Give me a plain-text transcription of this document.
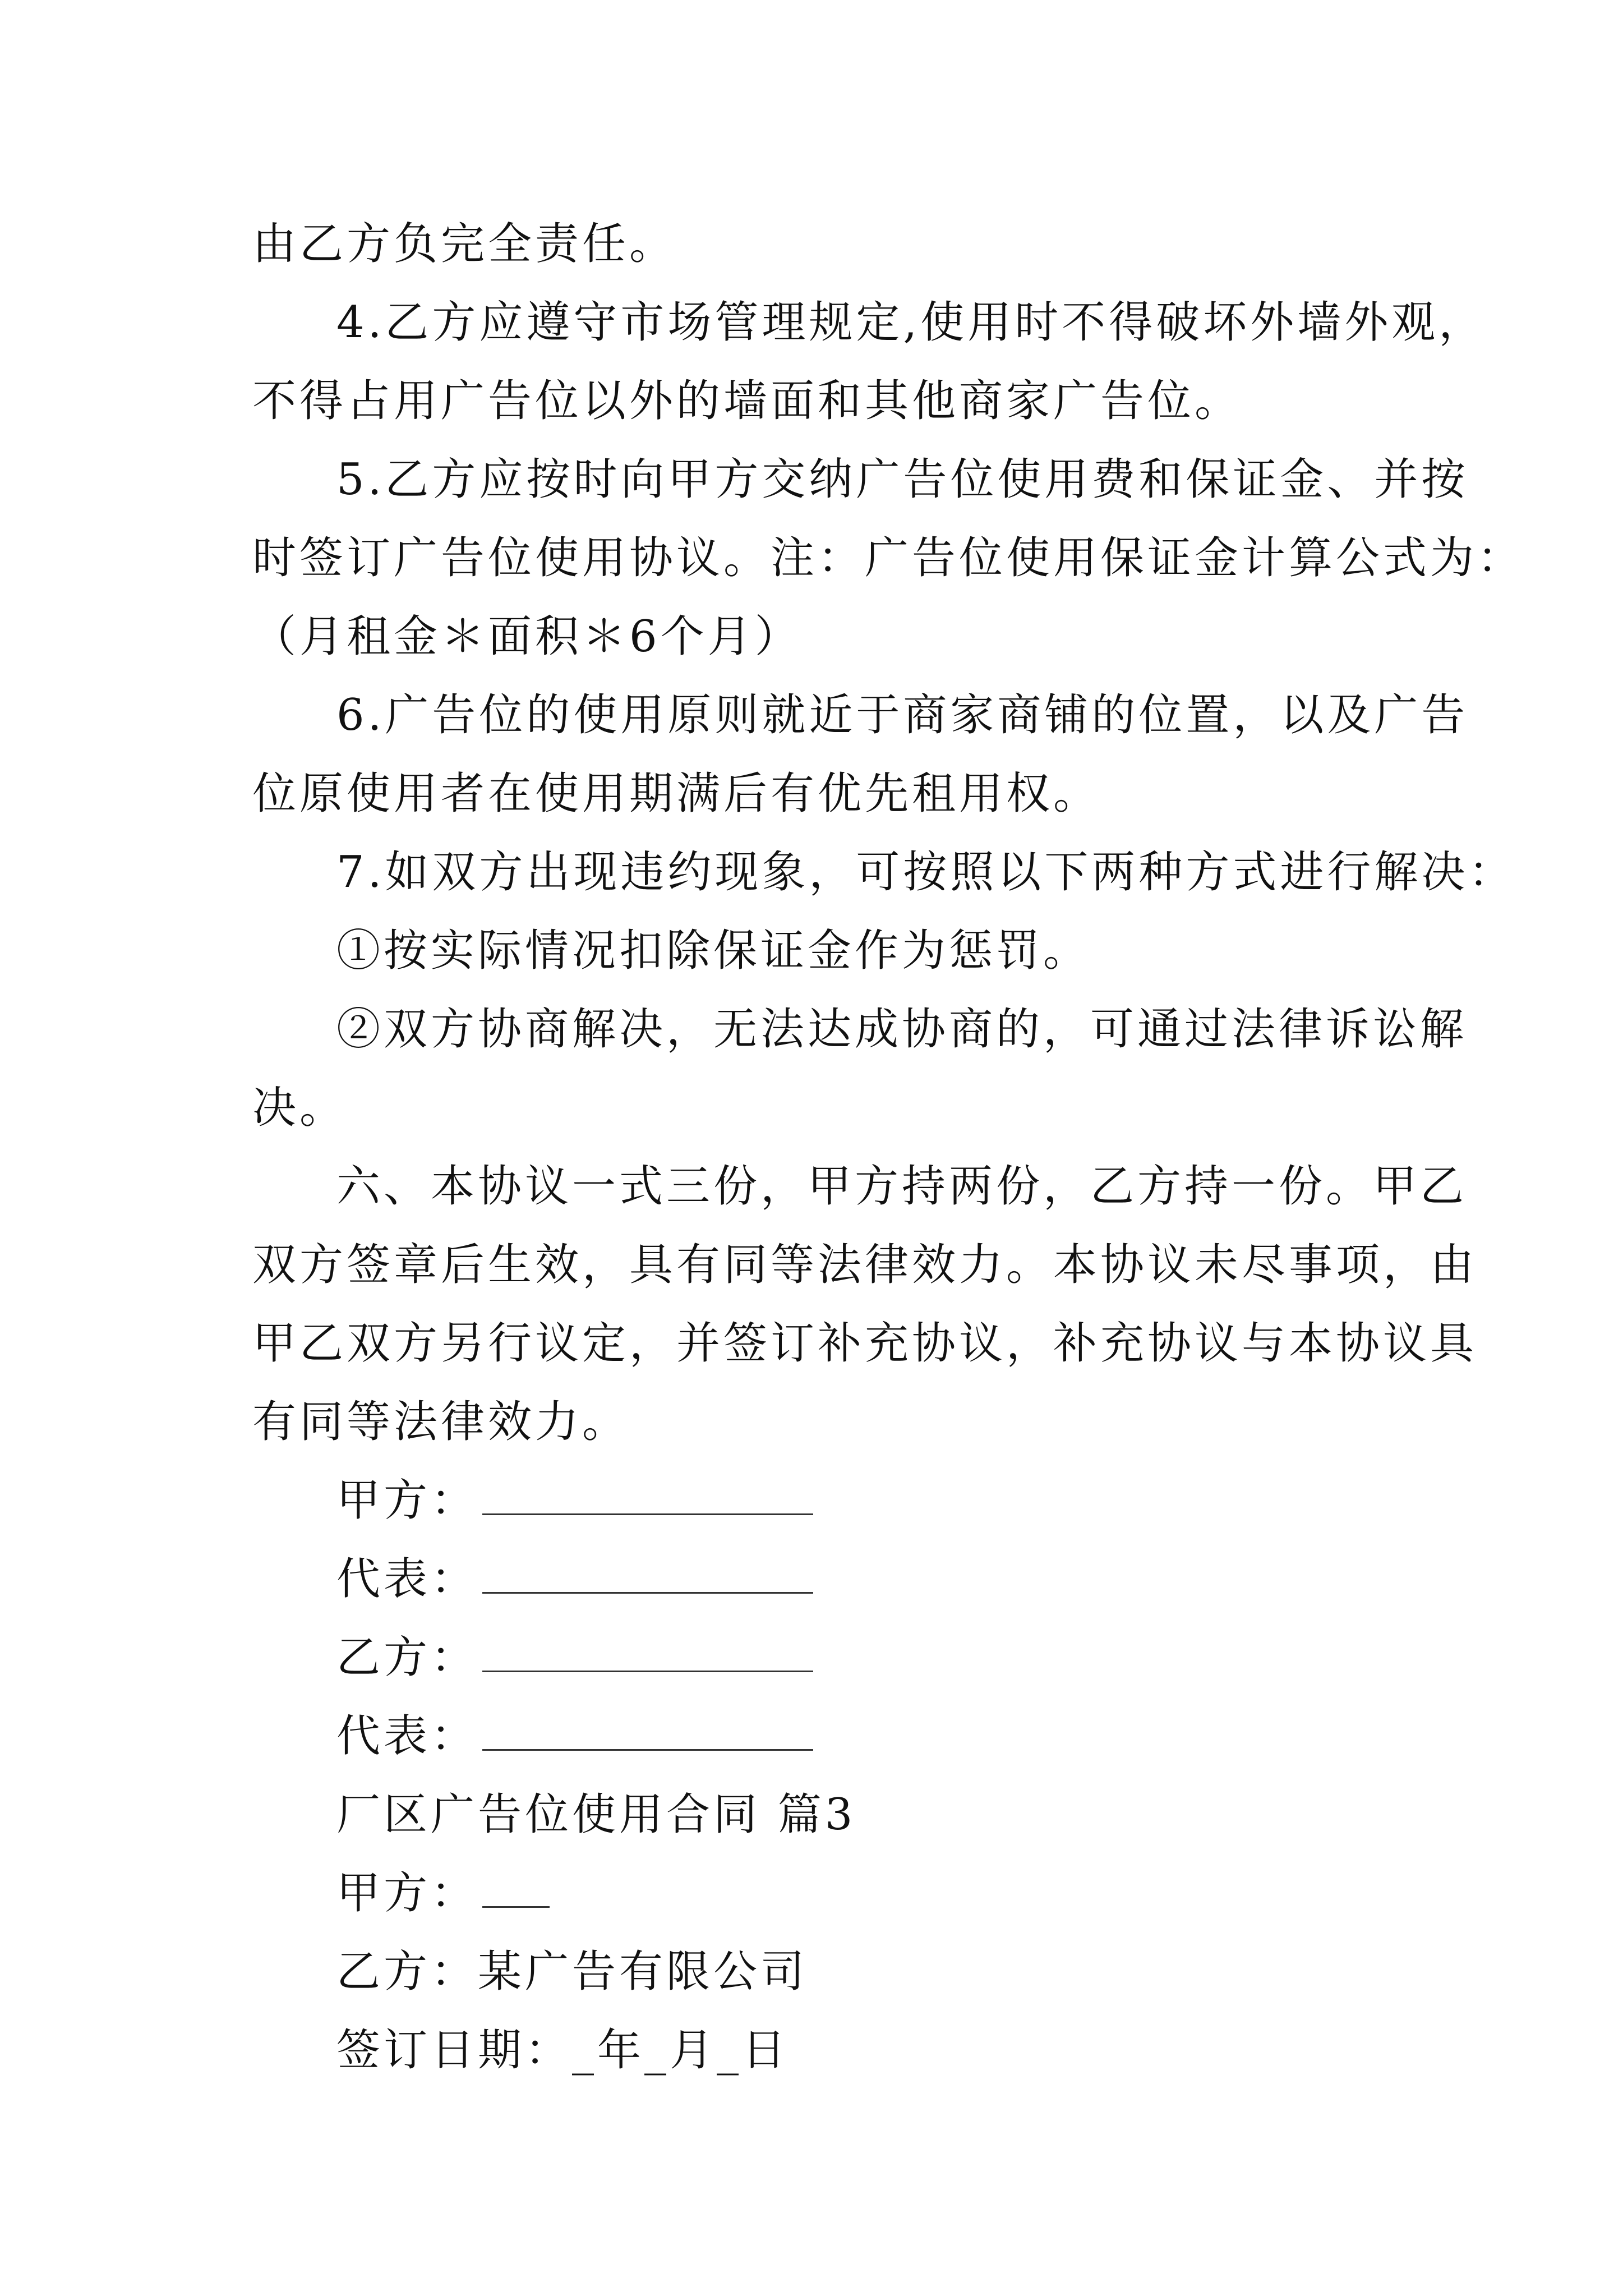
由乙方负完全责任。
4.乙方应遵守市场管理规定,使用时不得破坏外墙外观，
不得占用广告位以外的墙面和其他商家广告位。
5.乙方应按时向甲方交纳广告位使用费和保证金、并按
时签订广告位使用协议。注：广告位使用保证金计算公式为：
（月租金＊面积＊6个月）
6.广告位的使用原则就近于商家商铺的位置，以及广告
位原使用者在使用期满后有优先租用权。
7.如双方出现违约现象，可按照以下两种方式进行解决：
①按实际情况扣除保证金作为惩罚。
②双方协商解决，无法达成协商的，可通过法律诉讼解
决。
六、本协议一式三份，甲方持两份，乙方持一份。甲乙
双方签章后生效，具有同等法律效力。本协议未尽事项，由
甲乙双方另行议定，并签订补充协议，补充协议与本协议具
有同等法律效力。
甲方：
代表：
乙方：
代表：
厂区广告位使用合同 篇3
甲方：
乙方：某广告有限公司
签订日期：_年_月_日
